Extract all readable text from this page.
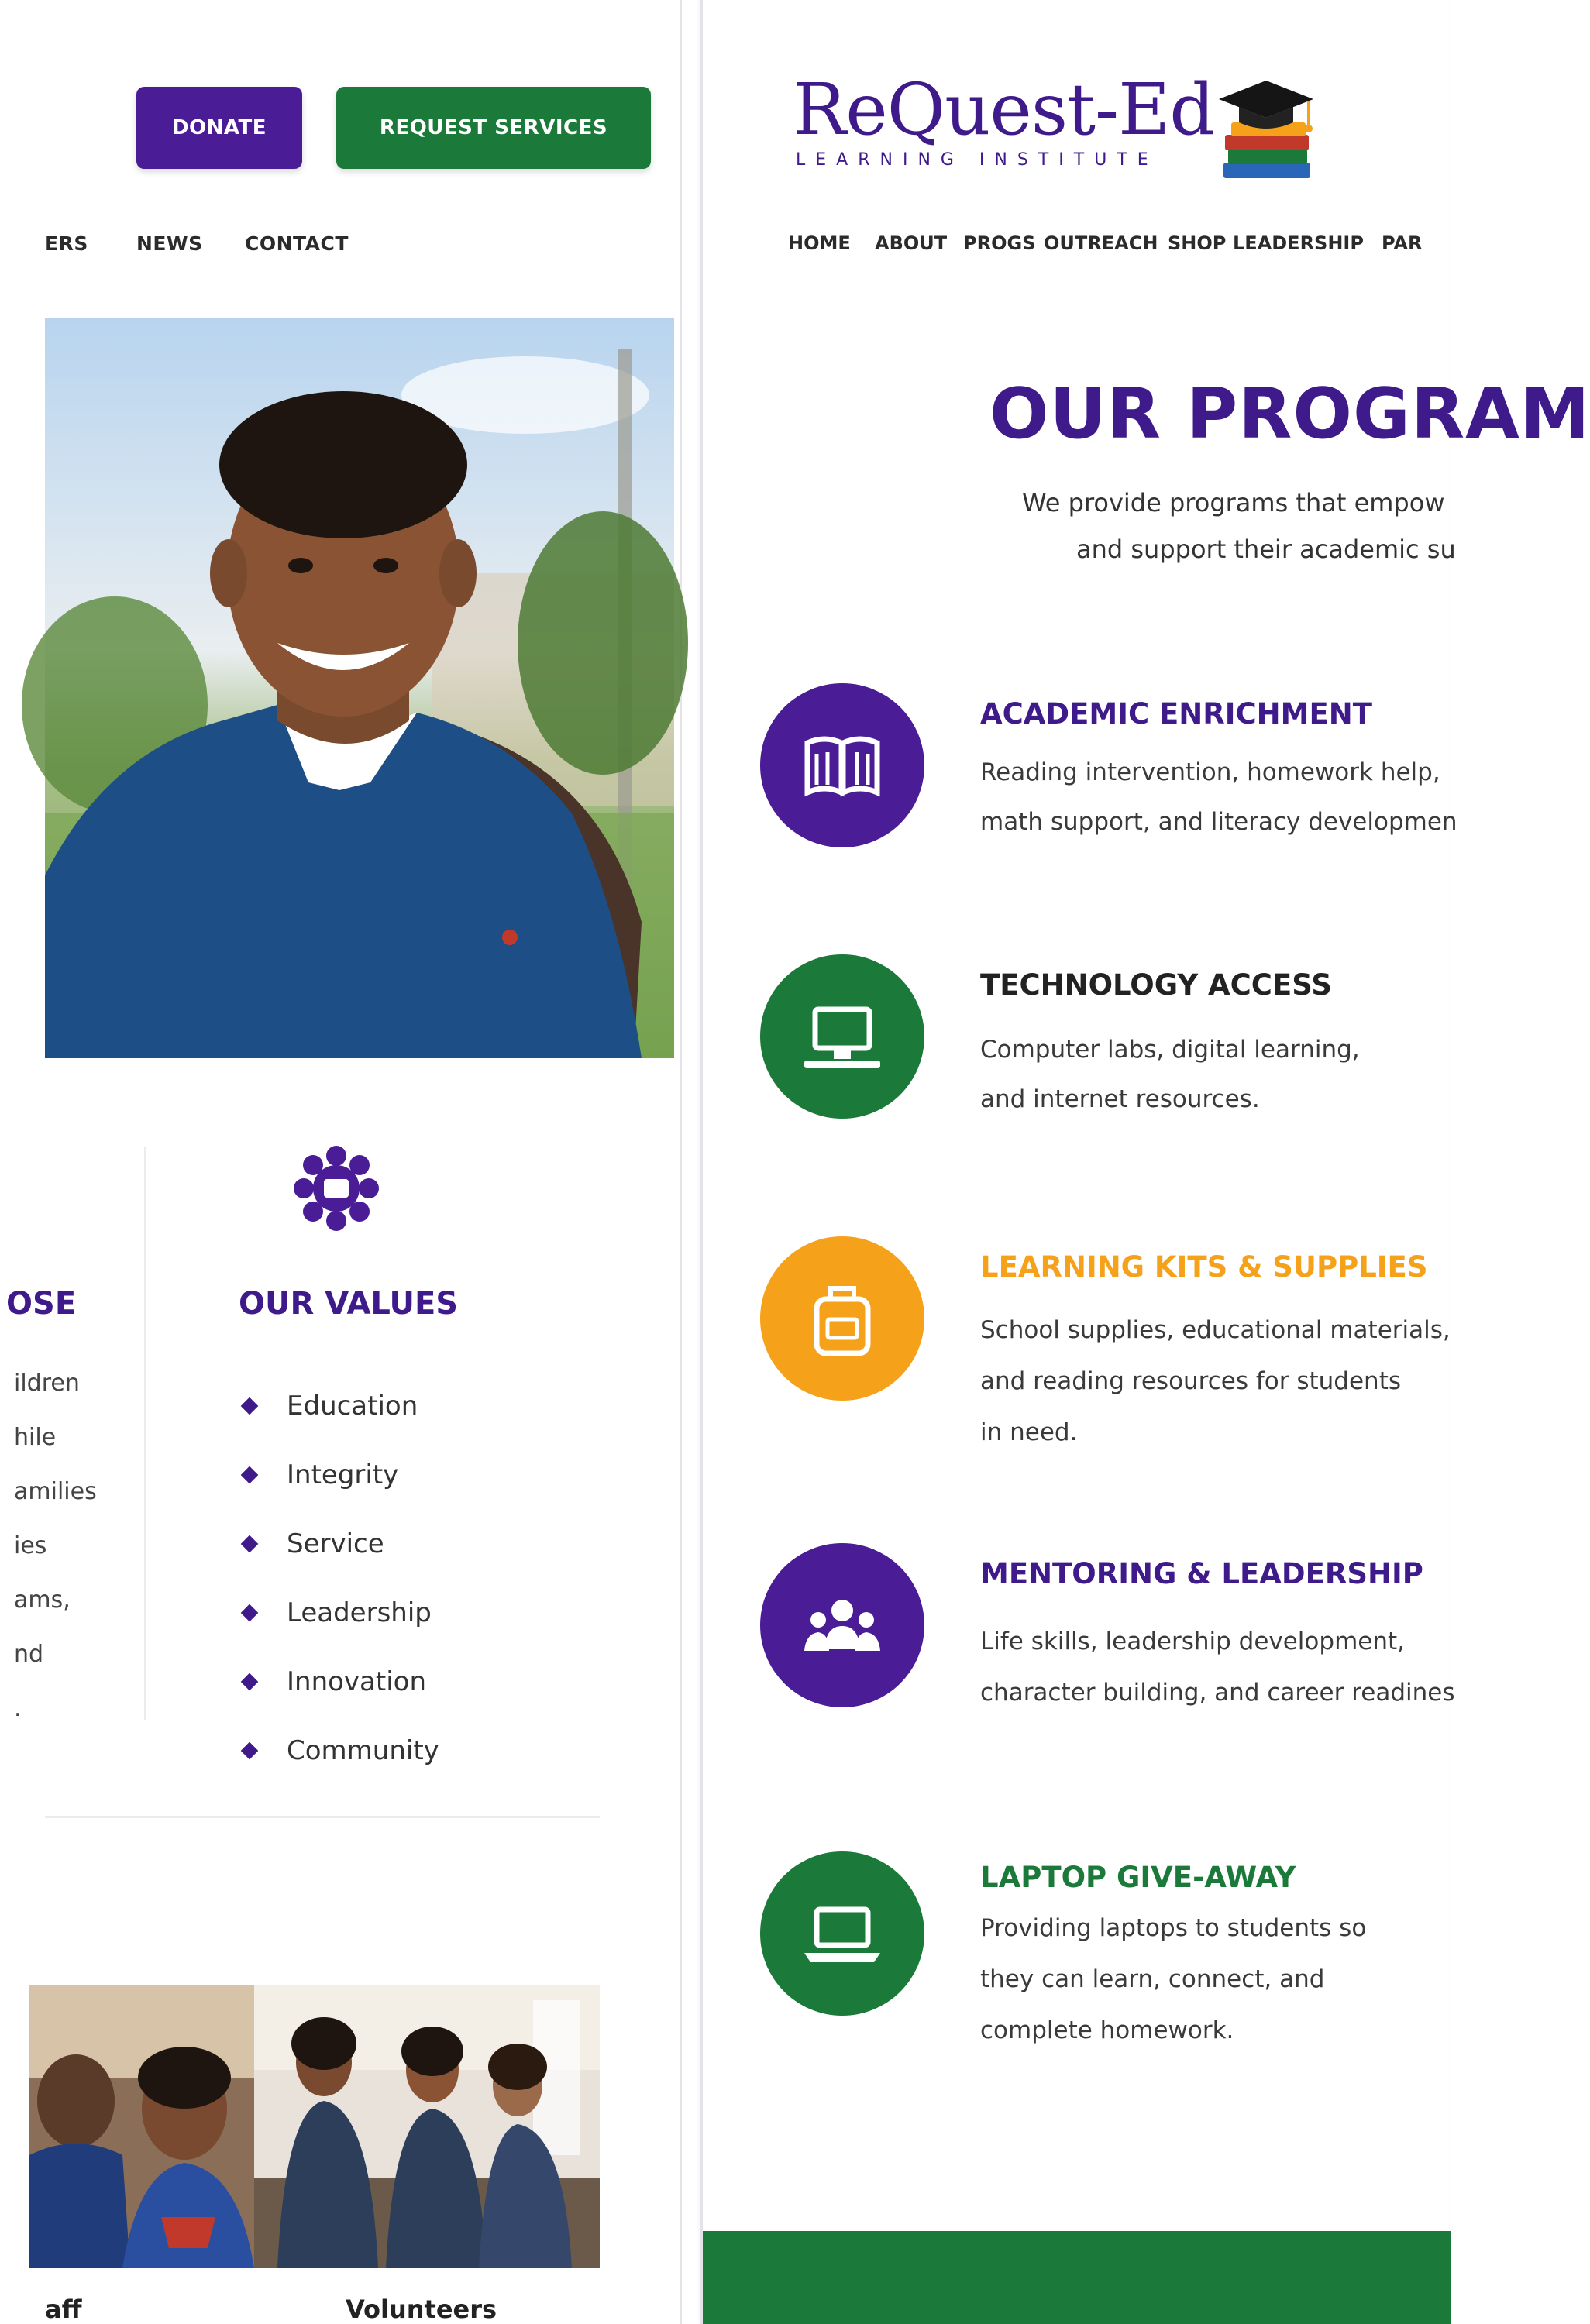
DONATE	REQUEST SERVICES
ERS NEWS CONTACT
OSE
ildren
hile
amilies
ies
ams,
nd
.
OUR VALUES
Education
Integrity
Service
Leadership
Innovation
Community
aff	Volunteers
ReQuest-Ed
LEARNING INSTITUTE
HOME ABOUT PROGS OUTREACH SHOP LEADERSHIP PAR
OUR PROGRAM
We provide programs that empow
and support their academic su
ACADEMIC ENRICHMENT

Reading intervention, homework help,

math support, and literacy developmen

TECHNOLOGY ACCESS

Computer labs, digital learning,

and internet resources.

LEARNING KITS & SUPPLIES

School supplies, educational materials,

and reading resources for students

in need.

MENTORING & LEADERSHIP

Life skills, leadership development,

character building, and career readines

LAPTOP GIVE-AWAY

Providing laptops to students so

they can learn, connect, and

complete homework.
